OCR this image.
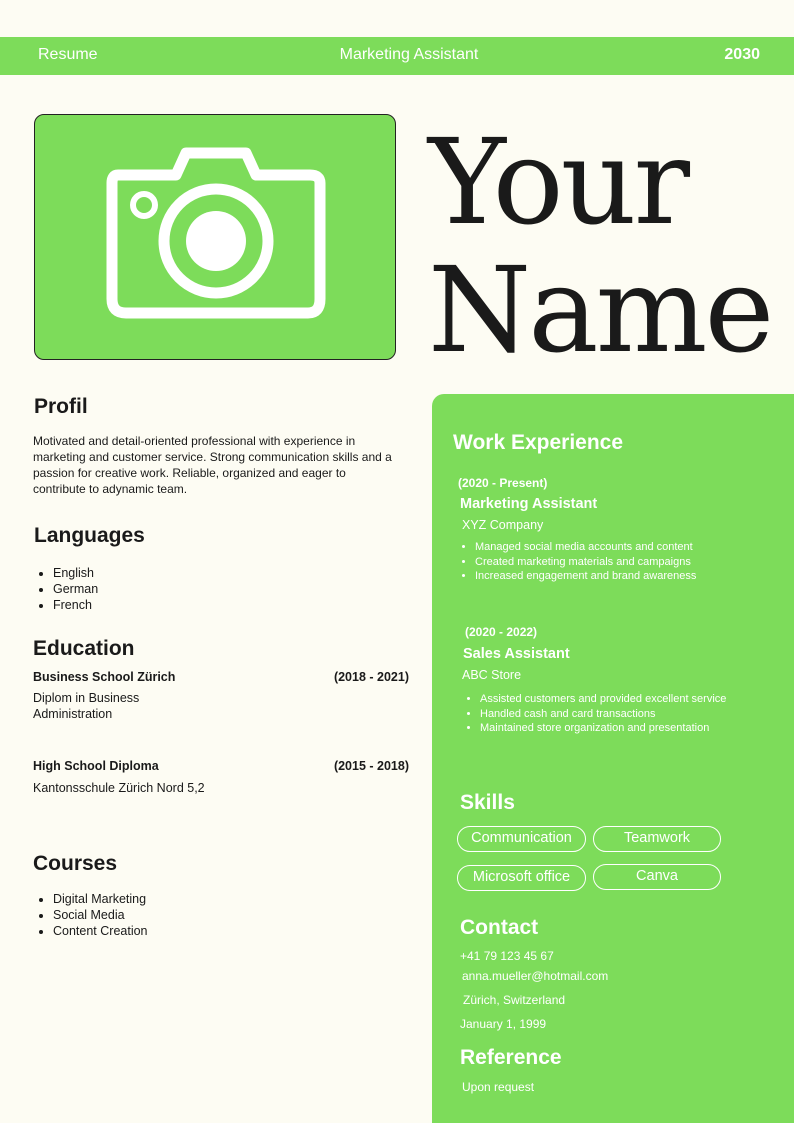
Resume	Marketing Assistant	2030
Your
Name
Profil
Motivated and detail-oriented professional with experience in marketing and customer service. Strong communication skills and a passion for creative work. Reliable, organized and eager to contribute to adynamic team.
Languages
• English
• German
• French
Education
Business School Zürich	(2018 - 2021)
Diplom in Business Administration
High School Diploma	(2015 - 2018)
Kantonsschule Zürich Nord 5,2
Courses
• Digital Marketing
• Social Media
• Content Creation
Work Experience
(2020 - Present)
Marketing Assistant
XYZ Company
• Managed social media accounts and content
• Created marketing materials and campaigns
• Increased engagement and brand awareness
(2020 - 2022)
Sales Assistant
ABC Store
• Assisted customers and provided excellent service
• Handled cash and card transactions
• Maintained store organization and presentation
Skills
Communication	Teamwork
Microsoft office	Canva
Contact
+41 79 123 45 67
anna.mueller@hotmail.com
Zürich, Switzerland
January 1, 1999
Reference
Upon request
